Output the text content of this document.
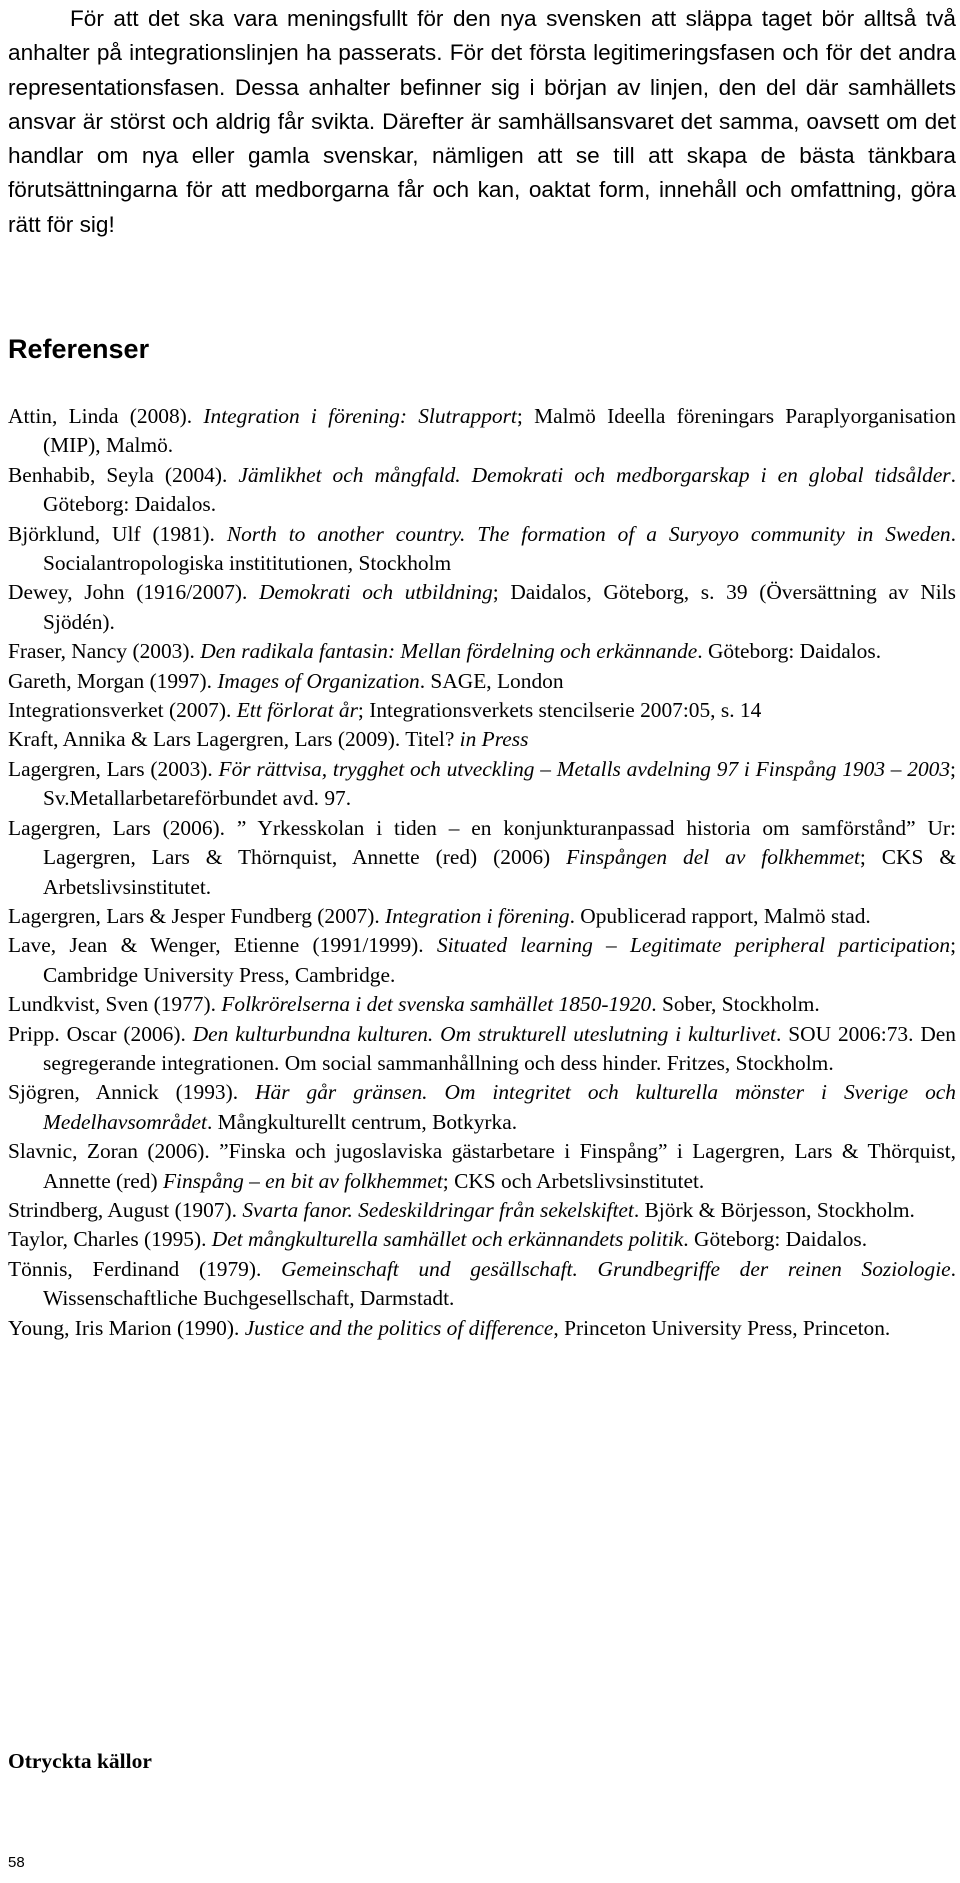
För att det ska vara meningsfullt för den nya svensken att släppa taget bör alltså två anhalter på integrationslinjen ha passerats. För det första legitimeringsfasen och för det andra representationsfasen. Dessa anhalter befinner sig i början av linjen, den del där samhällets ansvar är störst och aldrig får svikta. Därefter är samhällsansvaret det samma, oavsett om det handlar om nya eller gamla svenskar, nämligen att se till att skapa de bästa tänkbara förutsättningarna för att medborgarna får och kan, oaktat form, innehåll och omfattning, göra rätt för sig!

Referenser
Attin, Linda (2008). Integration i förening: Slutrapport; Malmö Ideella föreningars Paraplyorganisation (MIP), Malmö.
Benhabib, Seyla (2004). Jämlikhet och mångfald. Demokrati och medborgarskap i en global tidsålder. Göteborg: Daidalos.
Björklund, Ulf (1981). North to another country. The formation of a Suryoyo community in Sweden. Socialantropologiska instititutionen, Stockholm
Dewey, John (1916/2007). Demokrati och utbildning; Daidalos, Göteborg, s. 39 (Översättning av Nils Sjödén).
Fraser, Nancy (2003). Den radikala fantasin: Mellan fördelning och erkännande. Göteborg: Daidalos.
Gareth, Morgan (1997). Images of Organization. SAGE, London
Integrationsverket (2007). Ett förlorat år; Integrationsverkets stencilserie 2007:05, s. 14
Kraft, Annika & Lars Lagergren, Lars (2009). Titel? in Press
Lagergren, Lars (2003). För rättvisa, trygghet och utveckling – Metalls avdelning 97 i Finspång 1903 – 2003; Sv.Metallarbetareförbundet avd. 97.
Lagergren, Lars (2006). ” Yrkesskolan i tiden – en konjunkturanpassad historia om samförstånd” Ur: Lagergren, Lars & Thörnquist, Annette (red) (2006) Finspången del av folkhemmet; CKS & Arbetslivsinstitutet.
Lagergren, Lars & Jesper Fundberg (2007). Integration i förening. Opublicerad rapport, Malmö stad.
Lave, Jean & Wenger, Etienne (1991/1999). Situated learning – Legitimate peripheral participation; Cambridge University Press, Cambridge.
Lundkvist, Sven (1977). Folkrörelserna i det svenska samhället 1850-1920. Sober, Stockholm.
Pripp. Oscar (2006). Den kulturbundna kulturen. Om strukturell uteslutning i kulturlivet. SOU 2006:73. Den segregerande integrationen. Om social sammanhållning och dess hinder. Fritzes, Stockholm.
Sjögren, Annick (1993). Här går gränsen. Om integritet och kulturella mönster i Sverige och Medelhavsområdet. Mångkulturellt centrum, Botkyrka.
Slavnic, Zoran (2006). ”Finska och jugoslaviska gästarbetare i Finspång” i Lagergren, Lars & Thörquist, Annette (red) Finspång – en bit av folkhemmet; CKS och Arbetslivsinstitutet.
Strindberg, August (1907). Svarta fanor. Sedeskildringar från sekelskiftet. Björk & Börjesson, Stockholm.
Taylor, Charles (1995). Det mångkulturella samhället och erkännandets politik. Göteborg: Daidalos.
Tönnis, Ferdinand (1979). Gemeinschaft und gesällschaft. Grundbegriffe der reinen Soziologie. Wissenschaftliche Buchgesellschaft, Darmstadt.
Young, Iris Marion (1990). Justice and the politics of difference, Princeton University Press, Princeton.
Otryckta källor
58
